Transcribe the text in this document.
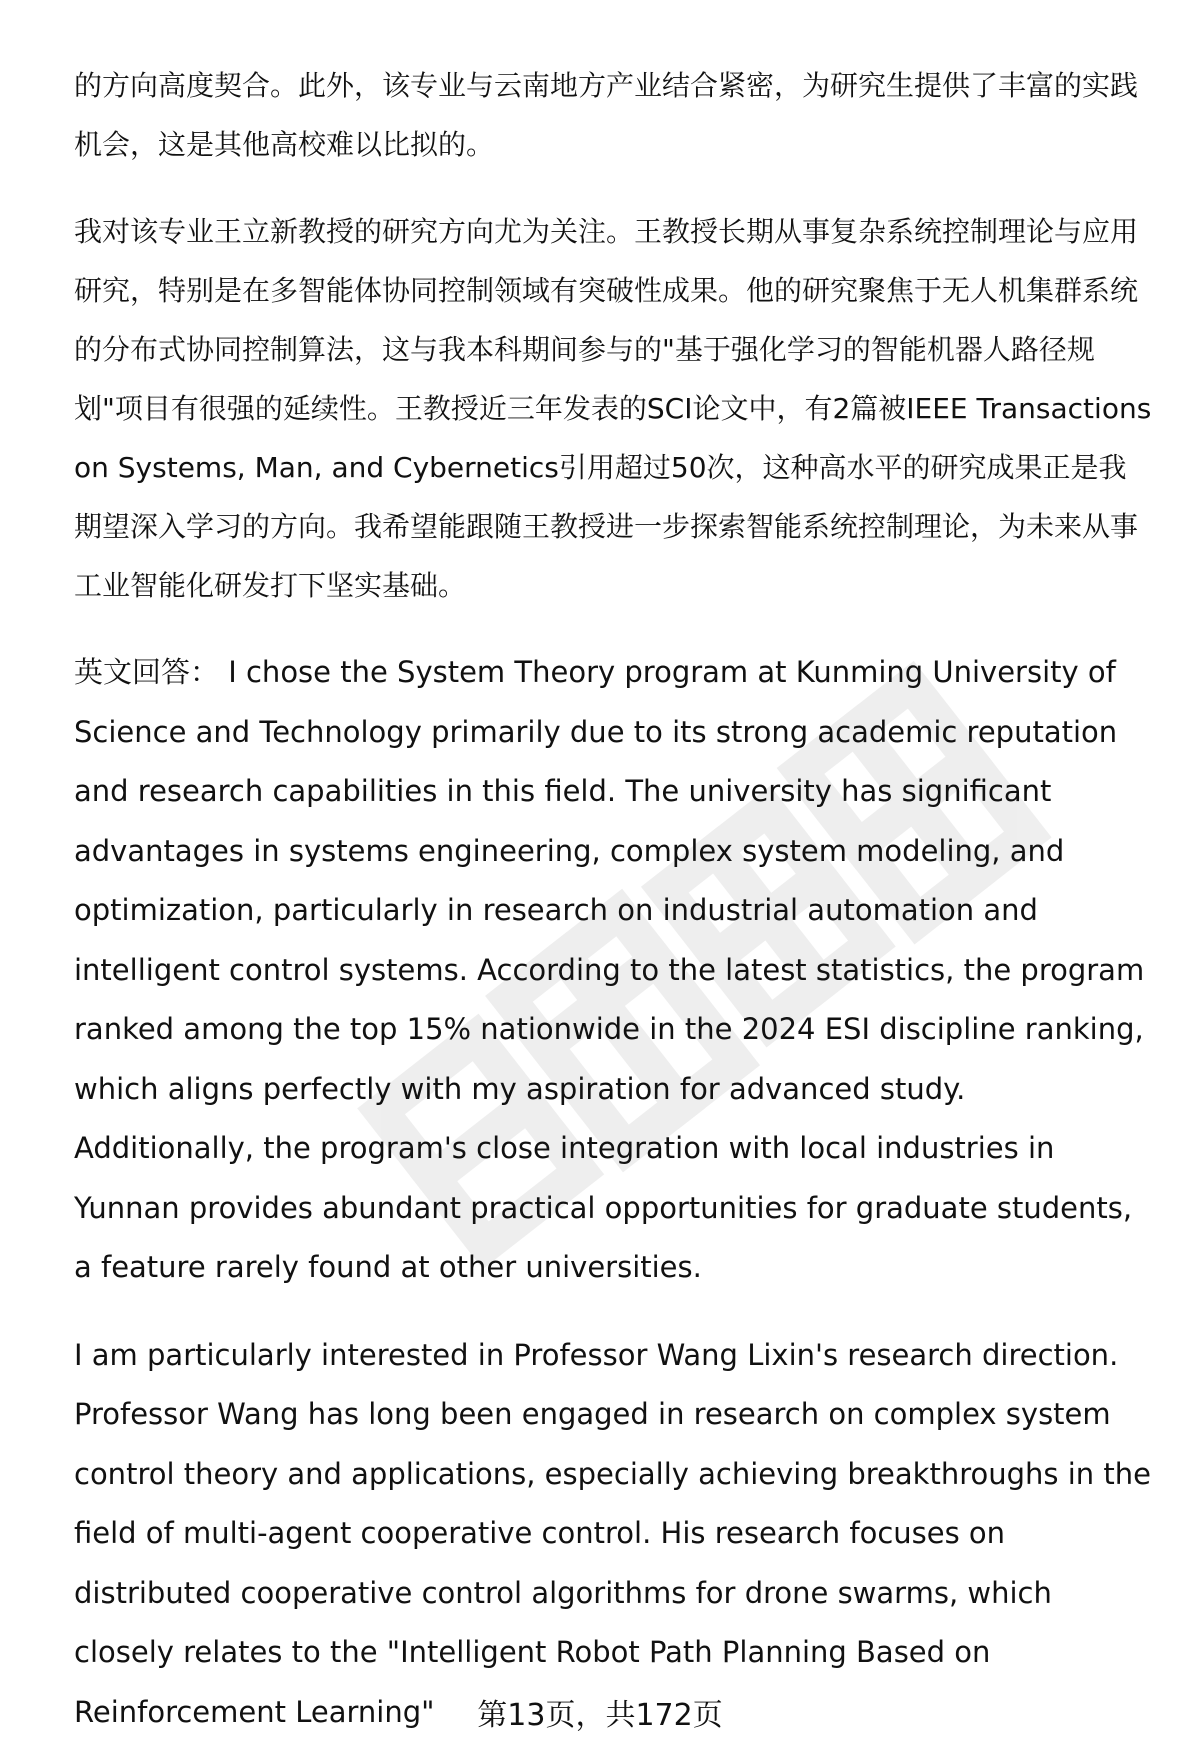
的方向高度契合。此外，该专业与云南地方产业结合紧密，为研究生提供了丰富的实践机会，这是其他高校难以比拟的。

我对该专业王立新教授的研究方向尤为关注。王教授长期从事复杂系统控制理论与应用研究，特别是在多智能体协同控制领域有突破性成果。他的研究聚焦于无人机集群系统的分布式协同控制算法，这与我本科期间参与的"基于强化学习的智能机器人路径规划"项目有很强的延续性。王教授近三年发表的SCI论文中，有2篇被IEEE Transactions on Systems, Man, and Cybernetics引用超过50次，这种高水平的研究成果正是我期望深入学习的方向。我希望能跟随王教授进一步探索智能系统控制理论，为未来从事工业智能化研发打下坚实基础。

英文回答： I chose the System Theory program at Kunming University of Science and Technology primarily due to its strong academic reputation and research capabilities in this field. The university has significant advantages in systems engineering, complex system modeling, and optimization, particularly in research on industrial automation and intelligent control systems. According to the latest statistics, the program ranked among the top 15% nationwide in the 2024 ESI discipline ranking, which aligns perfectly with my aspiration for advanced study. Additionally, the program's close integration with local industries in Yunnan provides abundant practical opportunities for graduate students, a feature rarely found at other universities.

I am particularly interested in Professor Wang Lixin's research direction. Professor Wang has long been engaged in research on complex system control theory and applications, especially achieving breakthroughs in the field of multi-agent cooperative control. His research focuses on distributed cooperative control algorithms for drone swarms, which closely relates to the "Intelligent Robot Path Planning Based on Reinforcement Learning"	第13页，共172页
